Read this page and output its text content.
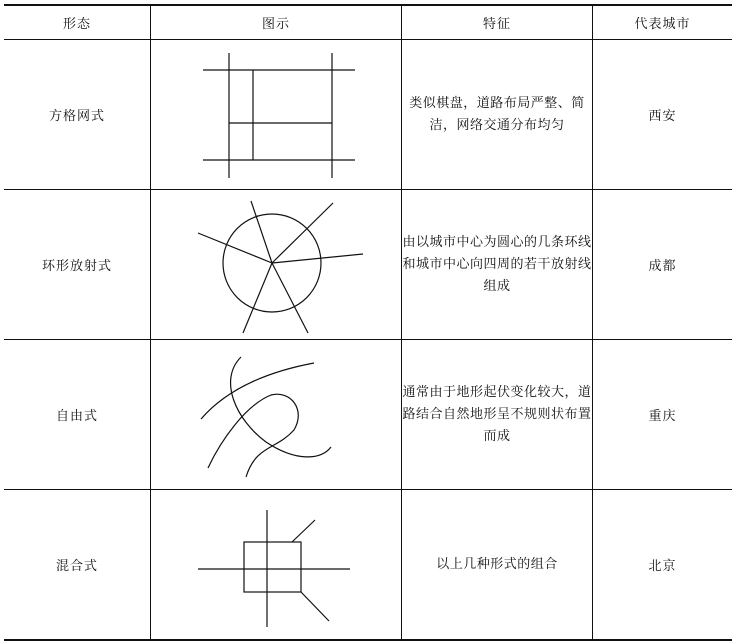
形态	图示	特征	代表城市
方格网式		类似棋盘，道路布局严整、简洁，网络交通分布均匀	西安
环形放射式		由以城市中心为圆心的几条环线和城市中心向四周的若干放射线组成	成都
自由式		通常由于地形起伏变化较大，道路结合自然地形呈不规则状布置而成	重庆
混合式		以上几种形式的组合	北京
